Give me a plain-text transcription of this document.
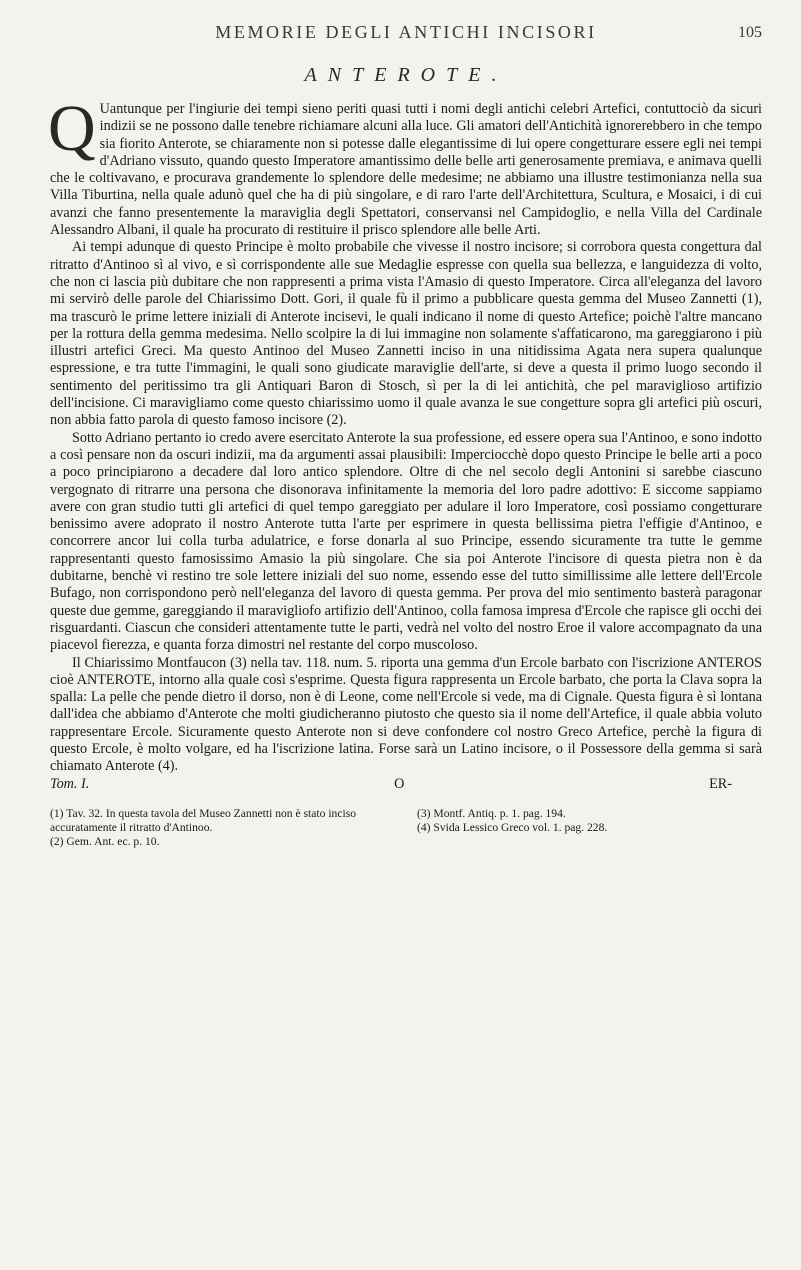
MEMORIE DEGLI ANTICHI INCISORI	105
ANTEROTE.

Q Uantunque per l'ingiurie dei tempi sieno periti quasi tutti i nomi degli antichi celebri Artefici, contuttociò da sicuri indizii se ne possono dalle tenebre richiamare alcuni alla luce. Gli amatori dell'Antichità ignorerebbero in che tempo sia fiorito Anterote, se chiaramente non si potesse dalle elegantissime di lui opere congetturare essere egli nei tempi d'Adriano vissuto, quando questo Imperatore amantissimo delle belle arti generosamente premiava, e animava quelli che le coltivavano, e procurava grandemente lo splendore delle medesime; ne abbiamo una illustre testimonianza nella sua Villa Tiburtina, nella quale adunò quel che ha di più singolare, e di raro l'arte dell'Architettura, Scultura, e Mosaici, i di cui avanzi che fanno presentemente la maraviglia degli Spettatori, conservansi nel Campidoglio, e nella Villa del Cardinale Alessandro Albani, il quale ha procurato di restituire il prisco splendore alle belle Arti.

Ai tempi adunque di questo Principe è molto probabile che vivesse il nostro incisore; si corrobora questa congettura dal ritratto d'Antinoo sì al vivo, e sì corrispondente alle sue Medaglie espresse con quella sua bellezza, e languidezza di volto, che non ci lascia più dubitare che non rappresenti a prima vista l'Amasio di questo Imperatore. Circa all'eleganza del lavoro mi servirò delle parole del Chiarissimo Dott. Gori, il quale fù il primo a pubblicare questa gemma del Museo Zannetti (1), ma trascurò le prime lettere iniziali di Anterote incisevi, le quali indicano il nome di questo Artefice; poichè l'altre mancano per la rottura della gemma medesima. Nello scolpire la di lui immagine non solamente s'affaticarono, ma gareggiarono i più illustri artefici Greci. Ma questo Antinoo del Museo Zannetti inciso in una nitidissima Agata nera supera qualunque espressione, e tra tutte l'immagini, le quali sono giudicate maraviglie dell'arte, si deve a questa il primo luogo secondo il sentimento del peritissimo tra gli Antiquari Baron di Stosch, sì per la di lei antichità, che pel maraviglioso artifizio dell'incisione. Ci maravigliamo come questo chiarissimo uomo il quale avanza le sue congetture sopra gli artefici più oscuri, non abbia fatto parola di questo famoso incisore (2).

Sotto Adriano pertanto io credo avere esercitato Anterote la sua professione, ed essere opera sua l'Antinoo, e sono indotto a così pensare non da oscuri indizii, ma da argumenti assai plausibili: Imperciocchè dopo questo Principe le belle arti a poco a poco principiarono a decadere dal loro antico splendore. Oltre di che nel secolo degli Antonini si sarebbe ciascuno vergognato di ritrarre una persona che disonorava infinitamente la memoria del loro padre adottivo: E siccome sappiamo avere con gran studio tutti gli artefici di quel tempo gareggiato per adulare il loro Imperatore, così possiamo congetturare benissimo avere adoprato il nostro Anterote tutta l'arte per esprimere in questa bellissima pietra l'effigie d'Antinoo, e concorrere ancor lui colla turba adulatrice, e forse donarla al suo Principe, essendo sicuramente tra tutte le gemme rappresentanti questo famosissimo Amasio la più singolare. Che sia poi Anterote l'incisore di questa pietra non è da dubitarne, benchè vi restino tre sole lettere iniziali del suo nome, essendo esse del tutto simillissime alle lettere dell'Ercole Bufago, non corrispondono però nell'eleganza del lavoro di questa gemma. Per prova del mio sentimento basterà paragonar queste due gemme, gareggiando il maravigliofo artifizio dell'Antinoo, colla famosa impresa d'Ercole che rapisce gli occhi dei risguardanti. Ciascun che consideri attentamente tutte le parti, vedrà nel volto del nostro Eroe il valore accompagnato da una piacevol fierezza, e quanta forza dimostri nel restante del corpo muscoloso.

Il Chiarissimo Montfaucon (3) nella tav. 118. num. 5. riporta una gemma d'un Ercole barbato con l'iscrizione ANTEROS cioè ANTEROTE, intorno alla quale così s'esprime. Questa figura rappresenta un Ercole barbato, che porta la Clava sopra la spalla: La pelle che pende dietro il dorso, non è di Leone, come nell'Ercole si vede, ma di Cignale. Questa figura è sì lontana dall'idea che abbiamo d'Anterote che molti giudicheranno piutosto che questo sia il nome dell'Artefice, il quale abbia voluto rappresentare Ercole. Sicuramente questo Anterote non si deve confondere col nostro Greco Artefice, perchè la figura di questo Ercole, è molto volgare, ed ha l'iscrizione latina. Forse sarà un Latino incisore, o il Possessore della gemma si sarà chiamato Anterote (4).

Tom. I.	O	ER-
(1) Tav. 32. In questa tavola del Museo Zannetti non è stato inciso accuratamente il ritratto d'Antinoo.
(2) Gem. Ant. ec. p. 10.
(3) Montf. Antiq. p. 1. pag. 194.
(4) Svida Lessico Greco vol. 1. pag. 228.
